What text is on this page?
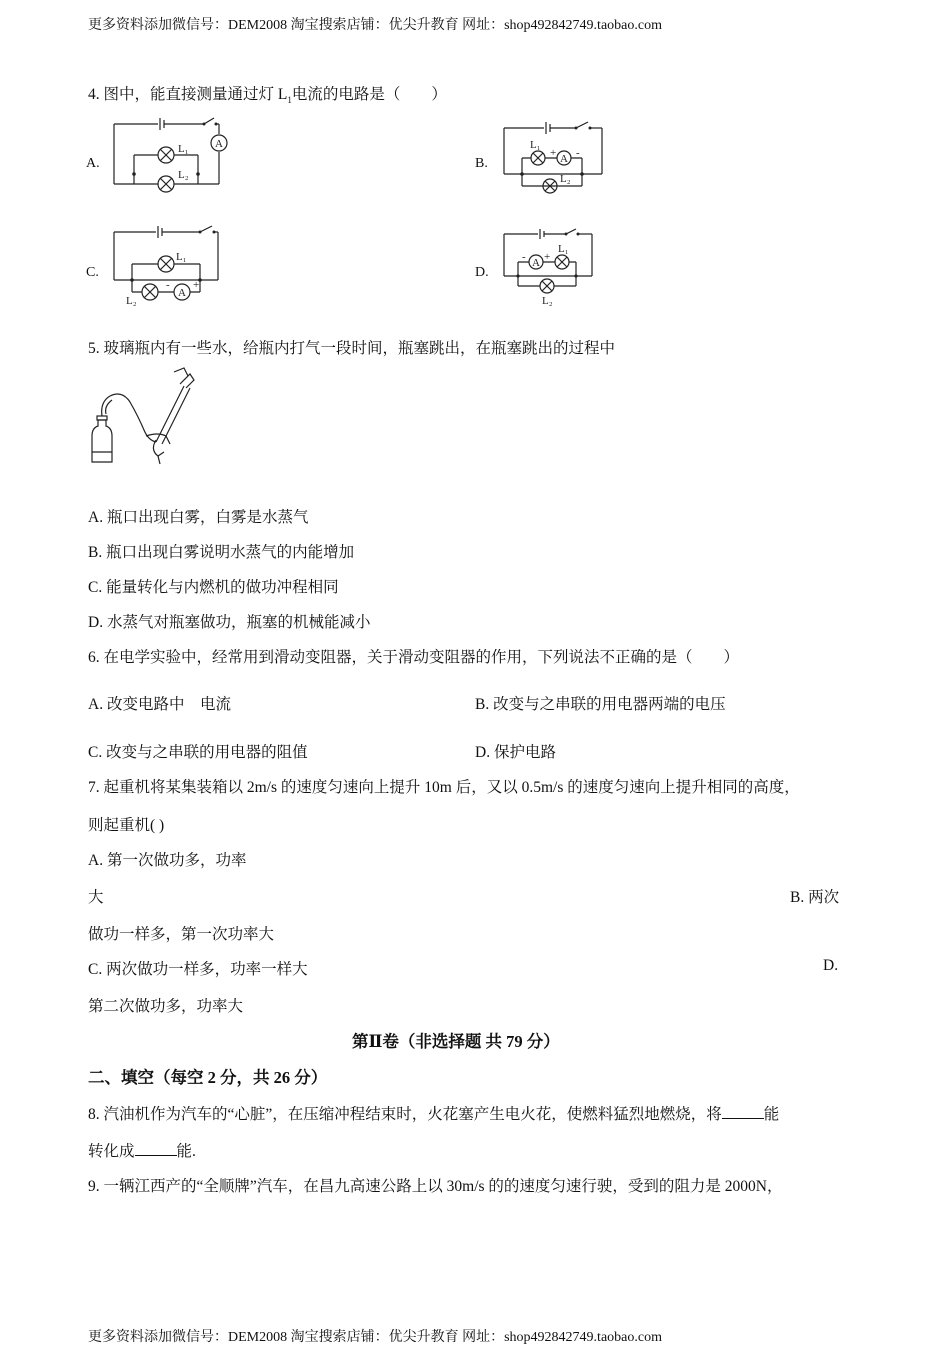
更多资料添加微信号：DEM2008 淘宝搜索店铺：优尖升教育 网址：shop492842749.taobao.com
更多资料添加微信号：DEM2008 淘宝搜索店铺：优尖升教育 网址：shop492842749.taobao.com
4. 图中，能直接测量通过灯 $L_1$电流的电路是（　　）
A.	B.
C.	D.
A
L₁
L₂
A
L₁
L₂
+ -
A
L₁
L₂
- +
A
L₁
L₂
- +
5. 玻璃瓶内有一些水，给瓶内打气一段时间，瓶塞跳出，在瓶塞跳出的过程中
A. 瓶口出现白雾，白雾是水蒸气
B. 瓶口出现白雾说明水蒸气的内能增加
C. 能量转化与内燃机的做功冲程相同
D. 水蒸气对瓶塞做功，瓶塞的机械能减小
6. 在电学实验中，经常用到滑动变阻器，关于滑动变阻器的作用，下列说法不正确的是（　　）
A. 改变电路中　电流	B. 改变与之串联的用电器两端的电压
C. 改变与之串联的用电器的阻值	D. 保护电路
7. 起重机将某集装箱以 2m/s 的速度匀速向上提升 10m 后，又以 0.5m/s 的速度匀速向上提升相同的高度，
则起重机( )
A. 第一次做功多，功率
大	B. 两次
做功一样多，第一次功率大
C. 两次做功一样多，功率一样大	D.
第二次做功多，功率大
第Ⅱ卷（非选择题 共 79 分）
二、填空（每空 2 分，共 26 分）
8. 汽油机作为汽车的“心脏”，在压缩冲程结束时，火花塞产生电火花，使燃料猛烈地燃烧，将	能
转化成	能.
9. 一辆江西产的“全顺牌”汽车，在昌九高速公路上以 30m/s 的的速度匀速行驶，受到的阻力是 2000N，
